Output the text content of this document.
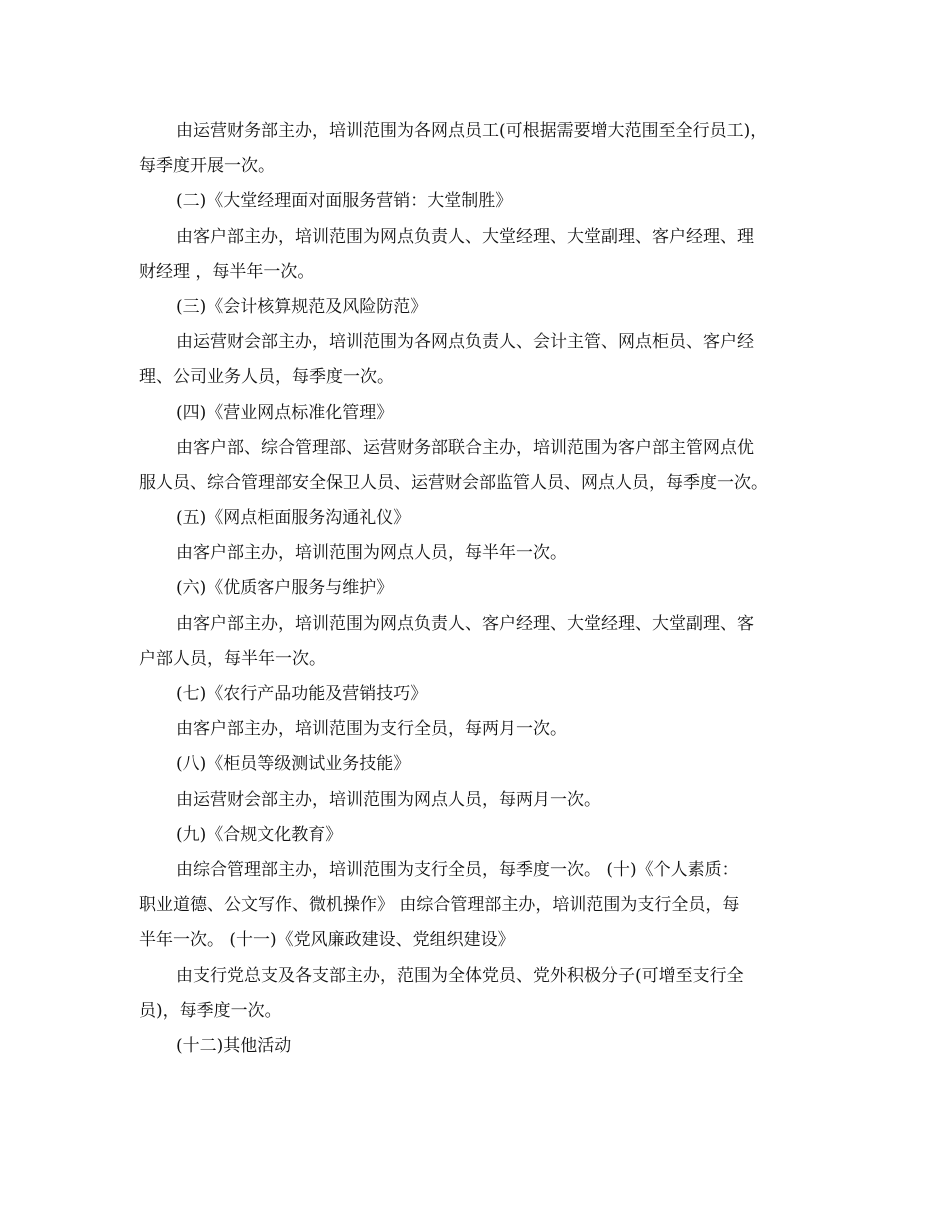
由运营财务部主办，培训范围为各网点员工(可根据需要增大范围至全行员工)，
每季度开展一次。
(二)《大堂经理面对面服务营销：大堂制胜》
由客户部主办，培训范围为网点负责人、大堂经理、大堂副理、客户经理、理
财经理 ，每半年一次。
(三)《会计核算规范及风险防范》
由运营财会部主办，培训范围为各网点负责人、会计主管、网点柜员、客户经
理、公司业务人员，每季度一次。
(四)《营业网点标准化管理》
由客户部、综合管理部、运营财务部联合主办，培训范围为客户部主管网点优
服人员、综合管理部安全保卫人员、运营财会部监管人员、网点人员，每季度一次。
(五)《网点柜面服务沟通礼仪》
由客户部主办，培训范围为网点人员，每半年一次。
(六)《优质客户服务与维护》
由客户部主办，培训范围为网点负责人、客户经理、大堂经理、大堂副理、客
户部人员，每半年一次。
(七)《农行产品功能及营销技巧》
由客户部主办，培训范围为支行全员，每两月一次。
(八)《柜员等级测试业务技能》
由运营财会部主办，培训范围为网点人员，每两月一次。
(九)《合规文化教育》
由综合管理部主办，培训范围为支行全员，每季度一次。 (十)《个人素质：
职业道德、公文写作、微机操作》 由综合管理部主办，培训范围为支行全员，每
半年一次。 (十一)《党风廉政建设、党组织建设》
由支行党总支及各支部主办，范围为全体党员、党外积极分子(可增至支行全
员)，每季度一次。
(十二)其他活动
